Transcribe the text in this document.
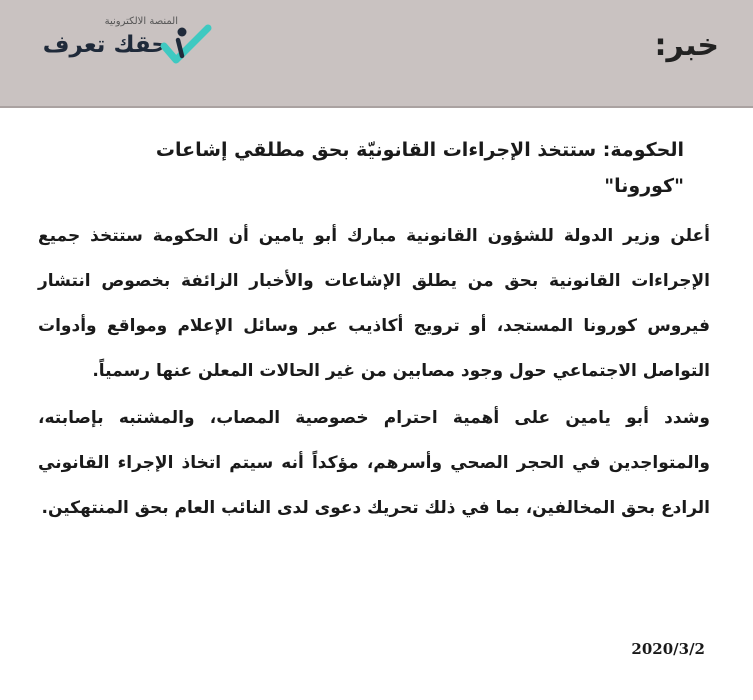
المنصة الالكترونية
حقك تعرف	خبر:
الحكومة: ستتخذ الإجراءات القانونيّة بحق مطلقي إشاعات "كورونا"

أعلن وزير الدولة للشؤون القانونية مبارك أبو يامين أن الحكومة ستتخذ جميع الإجراءات القانونية بحق من يطلق الإشاعات والأخبار الزائفة بخصوص انتشار فيروس كورونا المستجد، أو ترويج أكاذيب عبر وسائل الإعلام ومواقع وأدوات التواصل الاجتماعي حول وجود مصابين من غير الحالات المعلن عنها رسمياً.

وشدد أبو يامين على أهمية احترام خصوصية المصاب، والمشتبه بإصابته، والمتواجدين في الحجر الصحي وأسرهم، مؤكداً أنه سيتم اتخاذ الإجراء القانوني الرادع بحق المخالفين، بما في ذلك تحريك دعوى لدى النائب العام بحق المنتهكين.

2020/3/2
